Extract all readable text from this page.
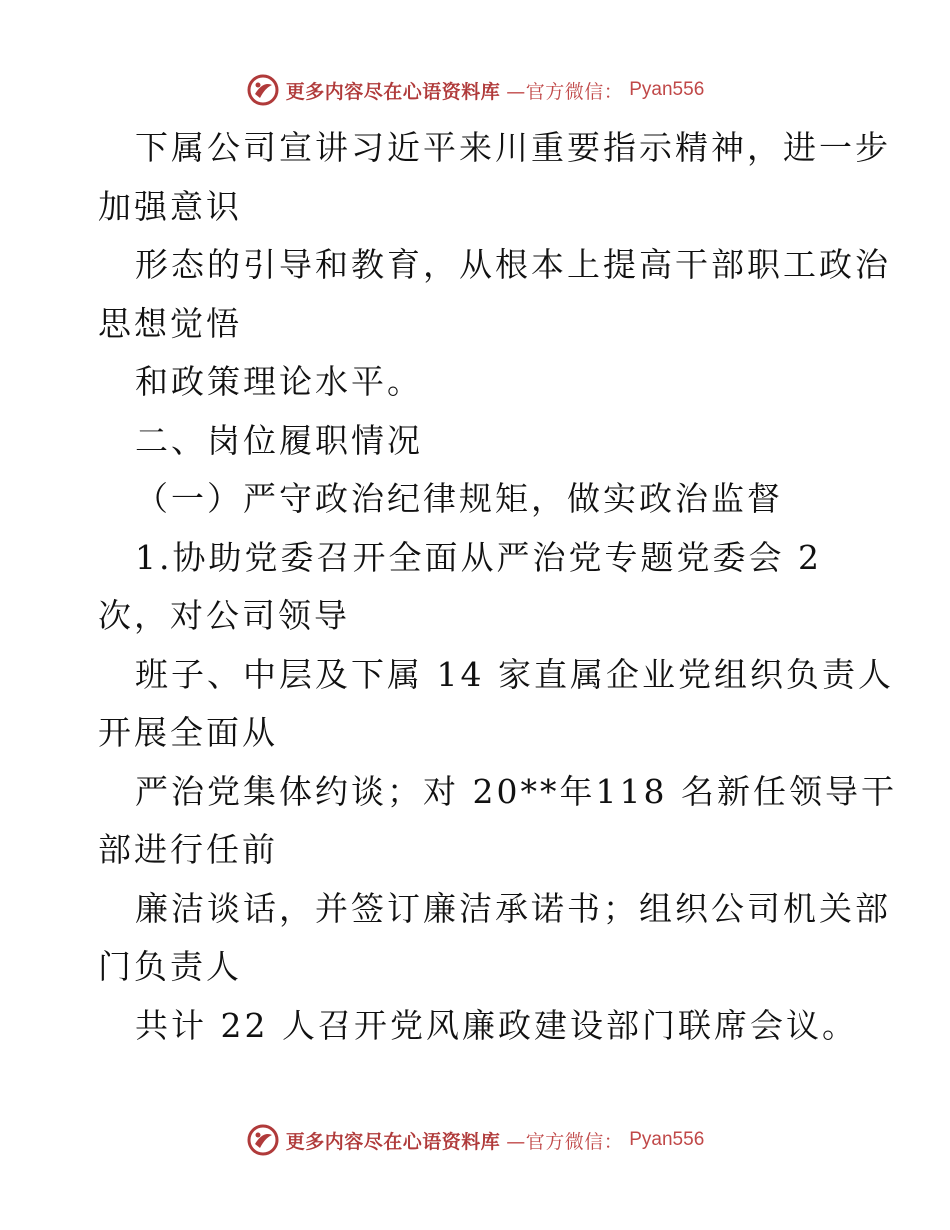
更多内容尽在心语资料库 —官方微信： Pyan556
下属公司宣讲习近平来川重要指示精神，进一步
加强意识
形态的引导和教育，从根本上提高干部职工政治
思想觉悟
和政策理论水平。
二、岗位履职情况
（一）严守政治纪律规矩，做实政治监督
1.协助党委召开全面从严治党专题党委会 2
次，对公司领导
班子、中层及下属 14 家直属企业党组织负责人
开展全面从
严治党集体约谈；对 20**年118 名新任领导干
部进行任前
廉洁谈话，并签订廉洁承诺书；组织公司机关部
门负责人
共计 22 人召开党风廉政建设部门联席会议。
更多内容尽在心语资料库 —官方微信： Pyan556
